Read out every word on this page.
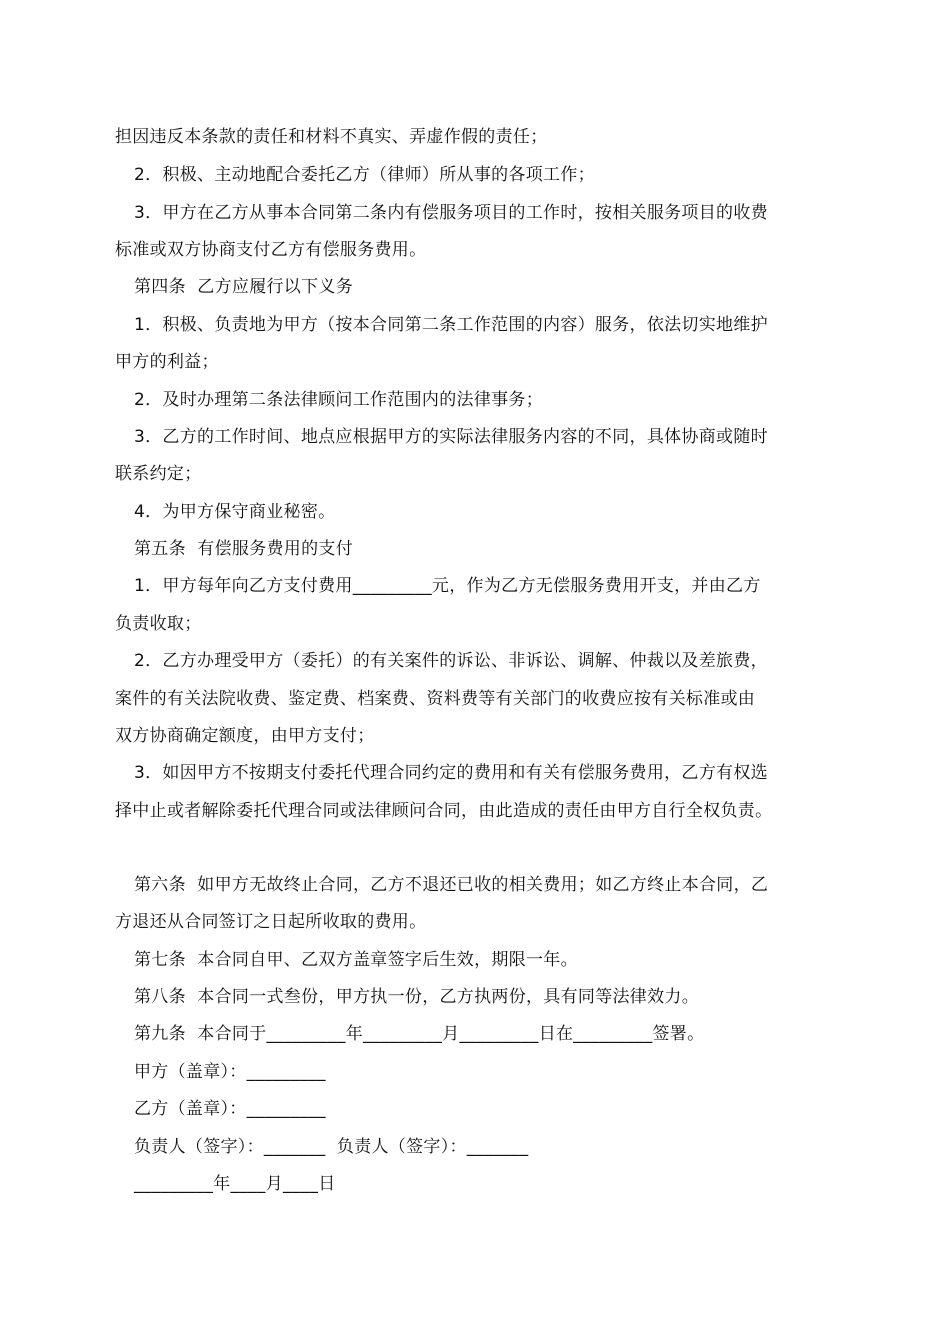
担因违反本条款的责任和材料不真实、弄虚作假的责任；
2．积极、主动地配合委托乙方（律师）所从事的各项工作；
3．甲方在乙方从事本合同第二条内有偿服务项目的工作时，按相关服务项目的收费
标准或双方协商支付乙方有偿服务费用。
第四条  乙方应履行以下义务
1．积极、负责地为甲方（按本合同第二条工作范围的内容）服务，依法切实地维护
甲方的利益；
2．及时办理第二条法律顾问工作范围内的法律事务；
3．乙方的工作时间、地点应根据甲方的实际法律服务内容的不同，具体协商或随时
联系约定；
4．为甲方保守商业秘密。
第五条  有偿服务费用的支付
1．甲方每年向乙方支付费用_________元，作为乙方无偿服务费用开支，并由乙方
负责收取；
2．乙方办理受甲方（委托）的有关案件的诉讼、非诉讼、调解、仲裁以及差旅费，
案件的有关法院收费、鉴定费、档案费、资料费等有关部门的收费应按有关标准或由
双方协商确定额度，由甲方支付；
3．如因甲方不按期支付委托代理合同约定的费用和有关有偿服务费用，乙方有权选
择中止或者解除委托代理合同或法律顾问合同，由此造成的责任由甲方自行全权负责。
第六条  如甲方无故终止合同，乙方不退还已收的相关费用；如乙方终止本合同，乙
方退还从合同签订之日起所收取的费用。
第七条  本合同自甲、乙双方盖章签字后生效，期限一年。
第八条  本合同一式叁份，甲方执一份，乙方执两份，具有同等法律效力。
第九条  本合同于_________年_________月_________日在_________签署。
甲方（盖章）：_________
乙方（盖章）：_________
负责人（签字）：_______  负责人（签字）：_______
_________年____月____日
